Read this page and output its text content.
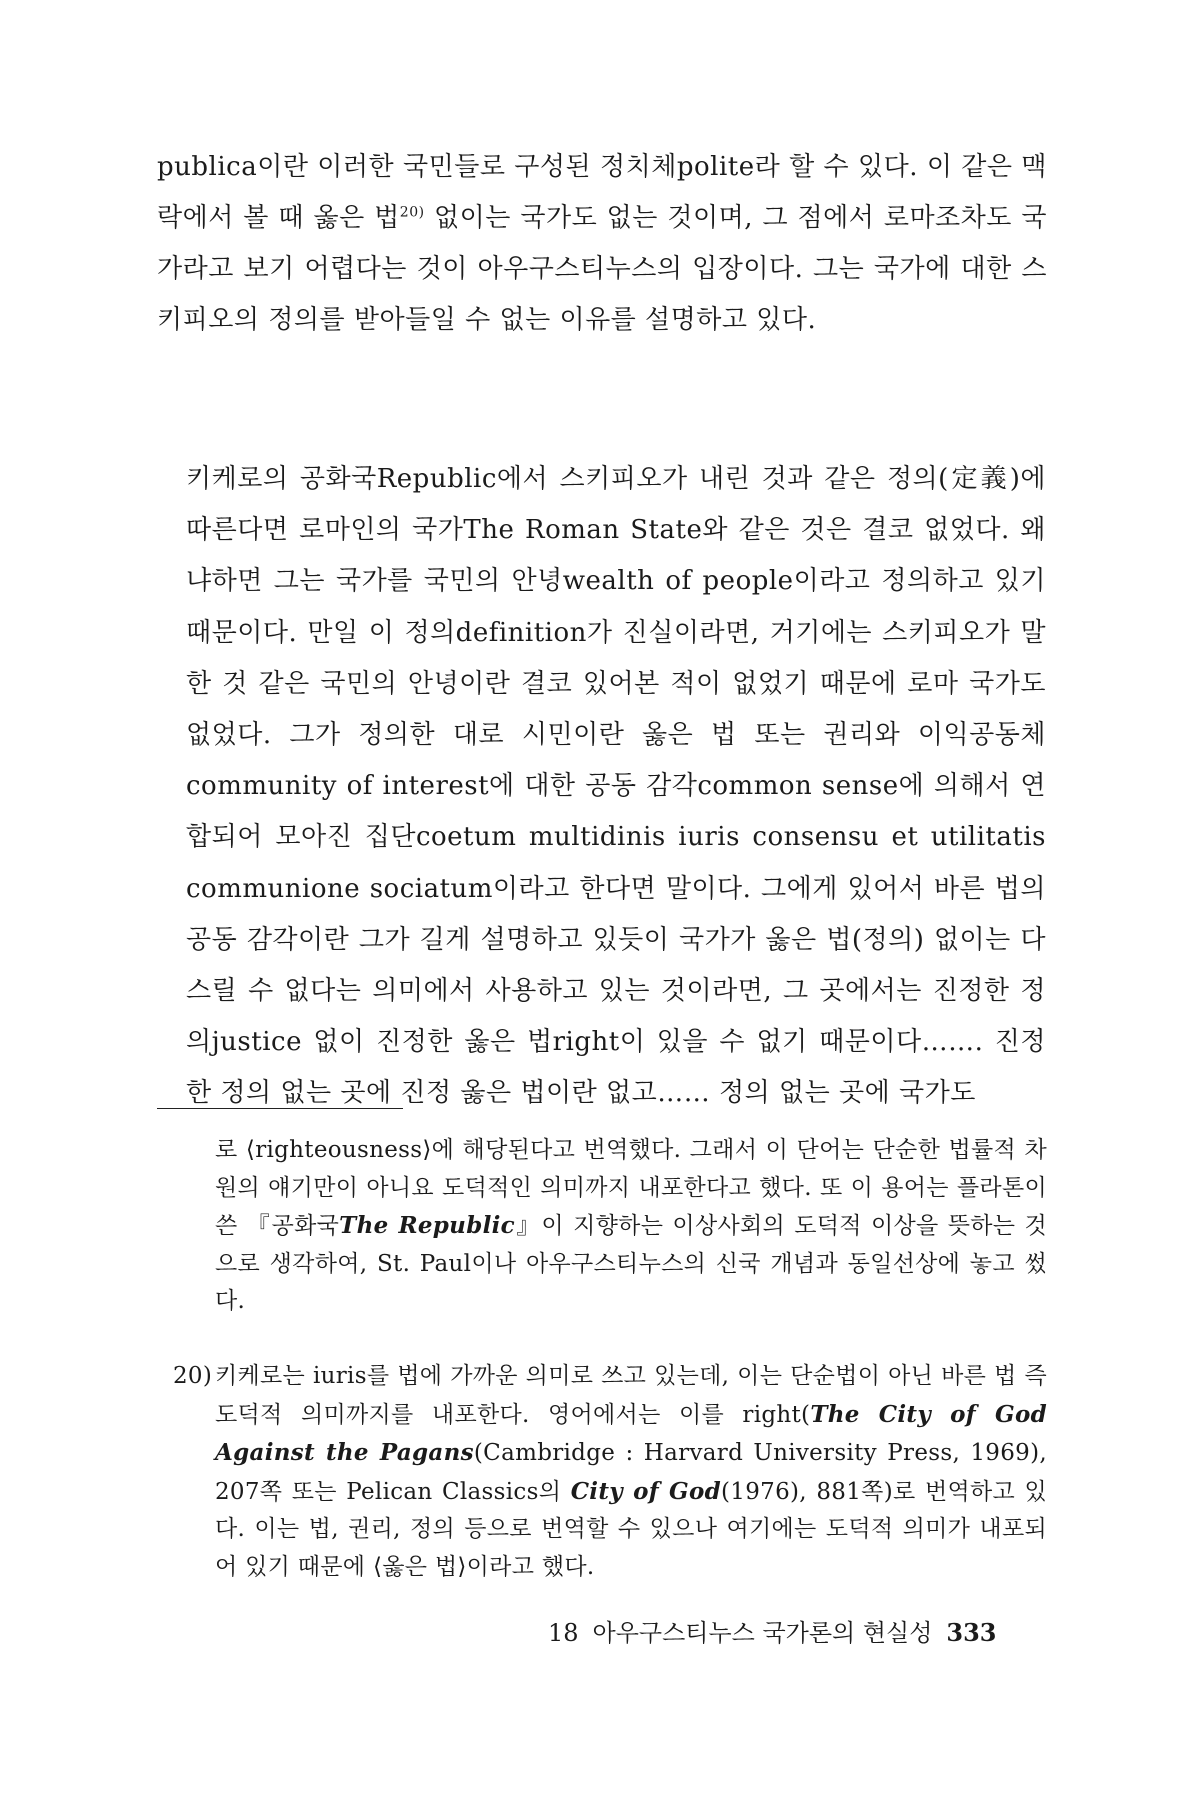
publica이란 이러한 국민들로 구성된 정치체polite라 할 수 있다. 이 같은 맥락에서 볼 때 옳은 법$^{20)}$ 없이는 국가도 없는 것이며, 그 점에서 로마조차도 국가라고 보기 어렵다는 것이 아우구스티누스의 입장이다. 그는 국가에 대한 스키피오의 정의를 받아들일 수 없는 이유를 설명하고 있다.

키케로의 공화국Republic에서 스키피오가 내린 것과 같은 정의(定義)에 따른다면 로마인의 국가The Roman State와 같은 것은 결코 없었다. 왜냐하면 그는 국가를 국민의 안녕wealth of people이라고 정의하고 있기 때문이다. 만일 이 정의definition가 진실이라면, 거기에는 스키피오가 말한 것 같은 국민의 안녕이란 결코 있어본 적이 없었기 때문에 로마 국가도 없었다. 그가 정의한 대로 시민이란 옳은 법 또는 권리와 이익공동체community of interest에 대한 공동 감각common sense에 의해서 연합되어 모아진 집단coetum multidinis iuris consensu et utilitatis communione sociatum이라고 한다면 말이다. 그에게 있어서 바른 법의 공동 감각이란 그가 길게 설명하고 있듯이 국가가 옳은 법(정의) 없이는 다스릴 수 없다는 의미에서 사용하고 있는 것이라면, 그 곳에서는 진정한 정의justice 없이 진정한 옳은 법right이 있을 수 없기 때문이다……. 진정한 정의 없는 곳에 진정 옳은 법이란 없고…… 정의 없는 곳에 국가도

로 ⟨righteousness⟩에 해당된다고 번역했다. 그래서 이 단어는 단순한 법률적 차원의 얘기만이 아니요 도덕적인 의미까지 내포한다고 했다. 또 이 용어는 플라톤이 쓴 『공화국The Republic』이 지향하는 이상사회의 도덕적 이상을 뜻하는 것으로 생각하여, St. Paul이나 아우구스티누스의 신국 개념과 동일선상에 놓고 썼다.

20) 키케로는 iuris를 법에 가까운 의미로 쓰고 있는데, 이는 단순법이 아닌 바른 법 즉 도덕적 의미까지를 내포한다. 영어에서는 이를 right(The City of God Against the Pagans(Cambridge : Harvard University Press, 1969), 207쪽 또는 Pelican Classics의 City of God(1976), 881쪽)로 번역하고 있다. 이는 법, 권리, 정의 등으로 번역할 수 있으나 여기에는 도덕적 의미가 내포되어 있기 때문에 ⟨옳은 법⟩이라고 했다.
18 아우구스티누스 국가론의 현실성 333
